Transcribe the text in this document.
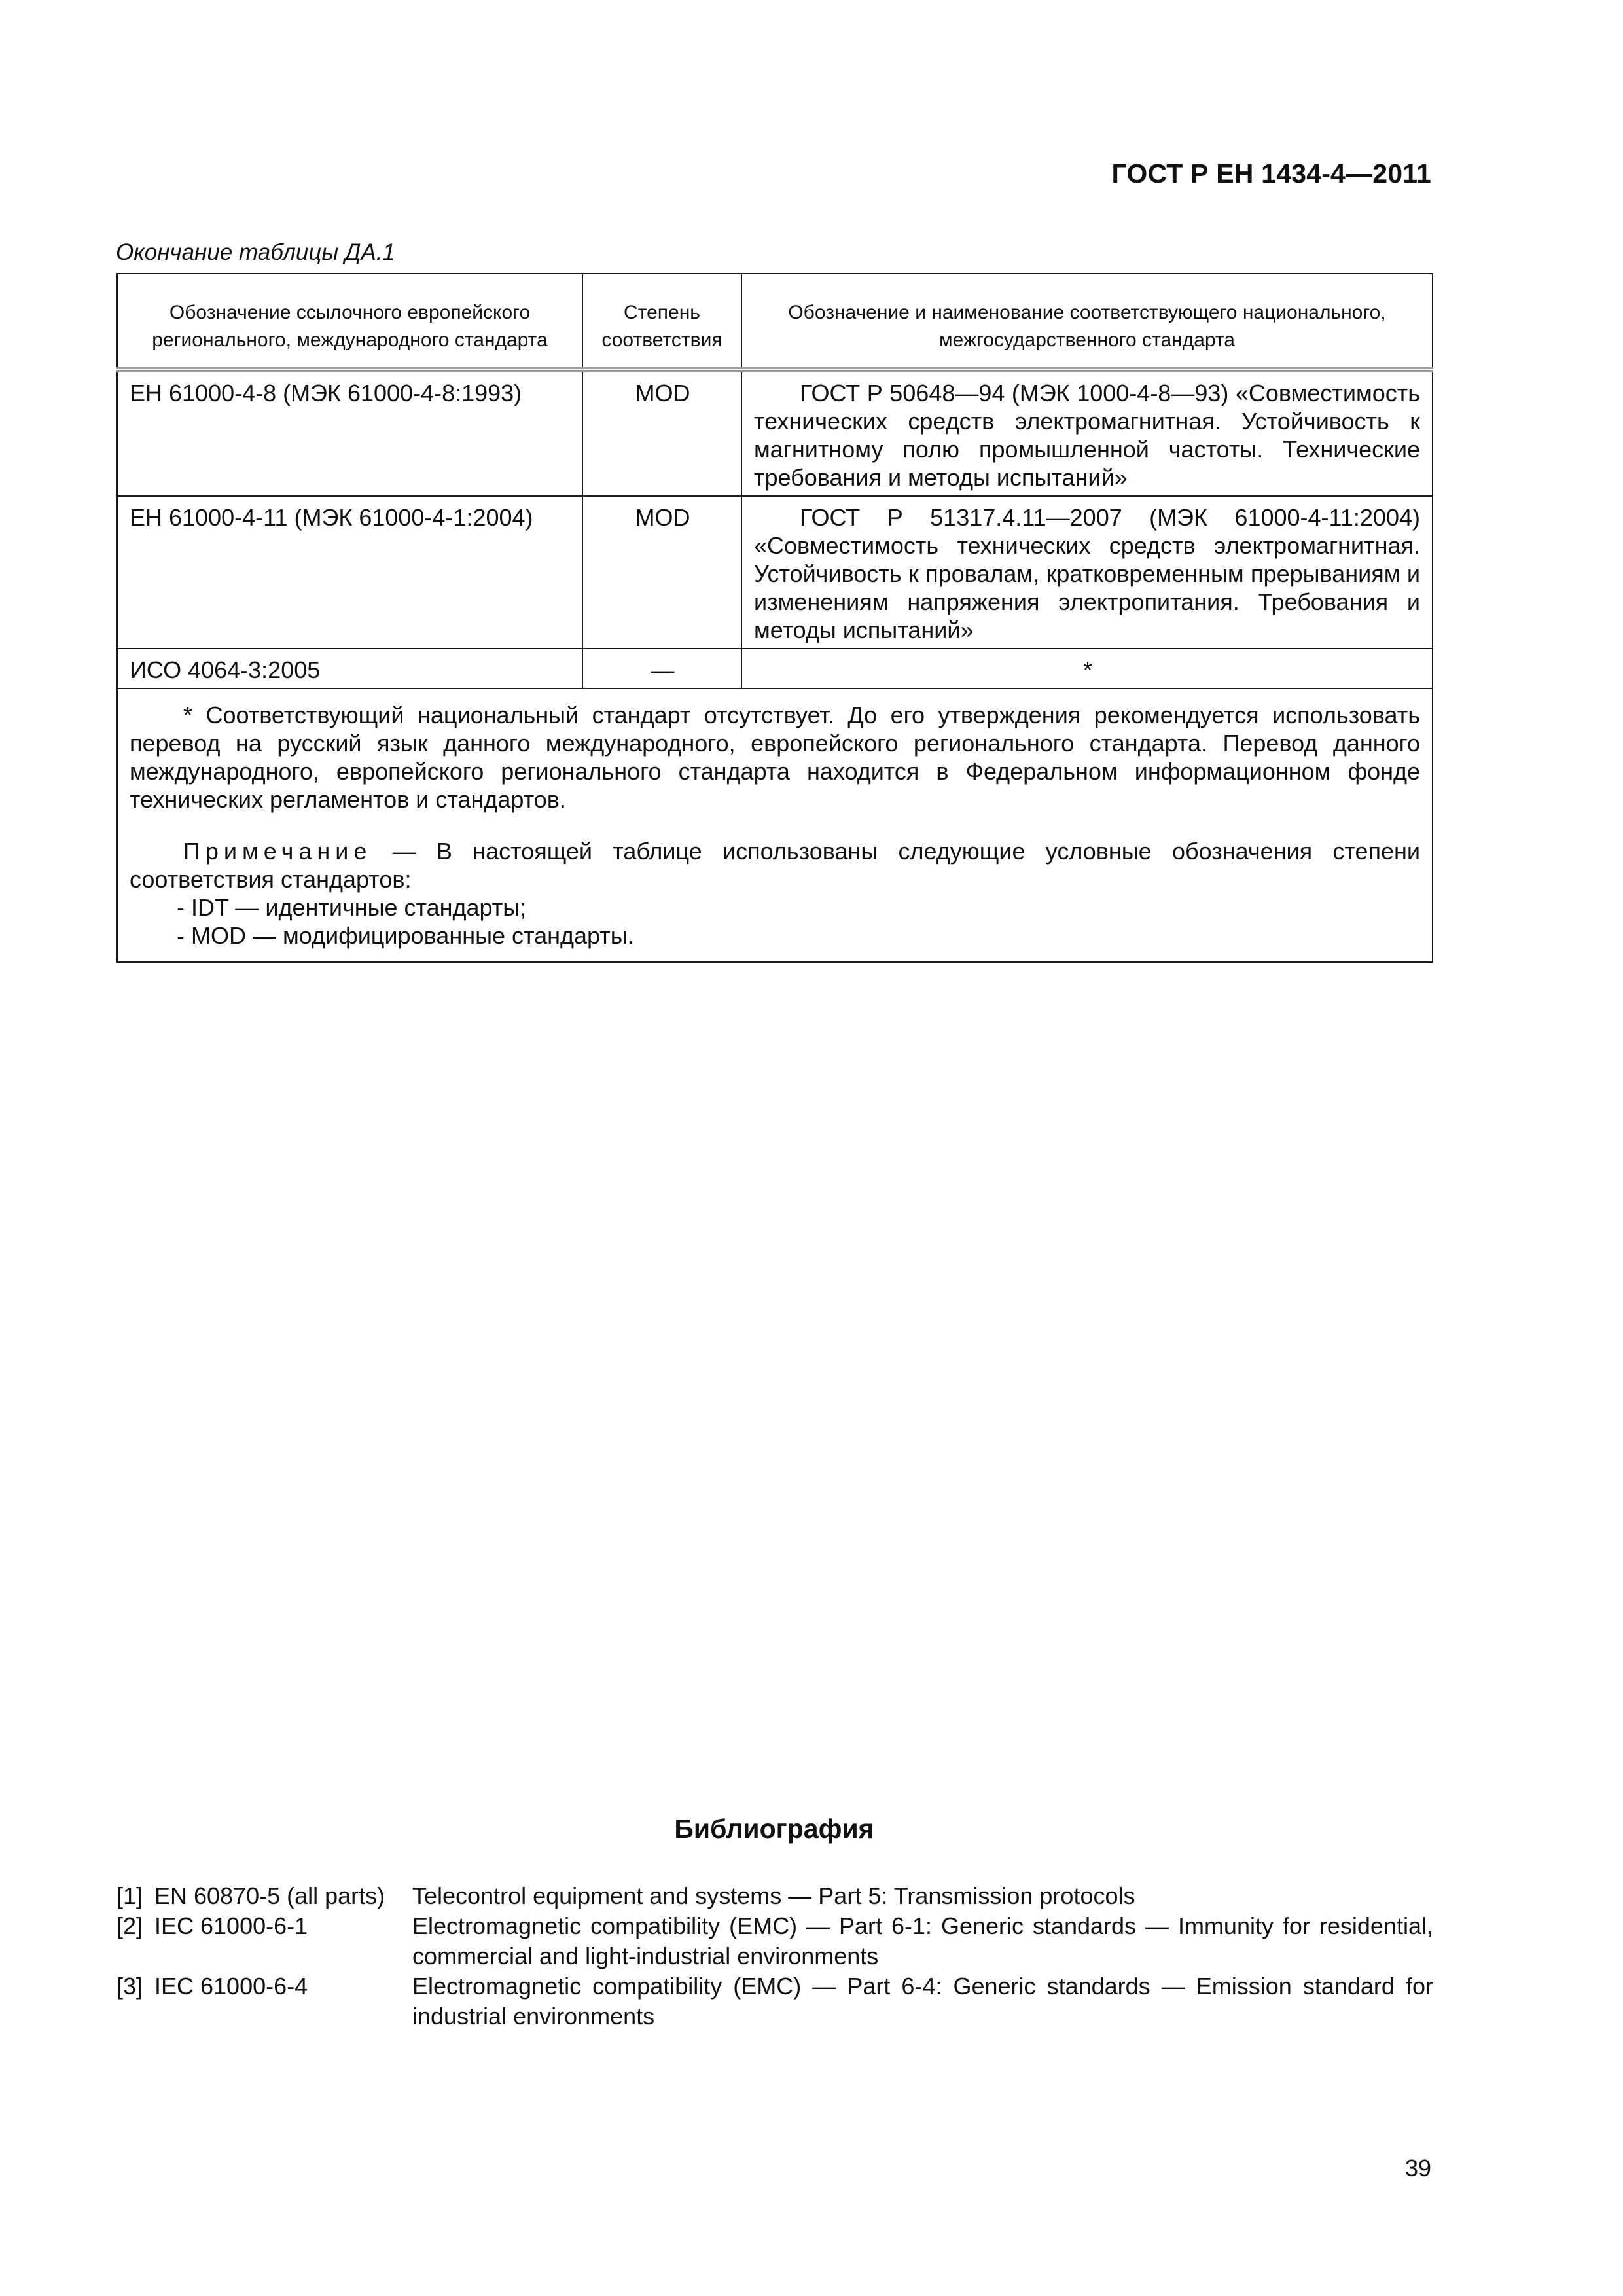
ГОСТ Р ЕН 1434-4—2011
Окончание таблицы ДА.1
Обозначение ссылочного европейского регионального, международного стандарта	Степень соответствия	Обозначение и наименование соответствующего национального, межгосударственного стандарта
ЕН 61000-4-8 (МЭК 61000-4-8:1993)	MOD	ГОСТ Р 50648—94 (МЭК 1000-4-8—93) «Совместимость технических средств электромагнитная. Устойчивость к магнитному полю промышленной частоты. Технические требования и методы испытаний»
ЕН 61000-4-11 (МЭК 61000-4-1:2004)	MOD	ГОСТ Р 51317.4.11—2007 (МЭК 61000-4-11:2004) «Совместимость технических средств электромагнитная. Устойчивость к провалам, кратковременным прерываниям и изменениям напряжения электропитания. Требования и методы испытаний»
ИСО 4064-3:2005	—	*

* Соответствующий национальный стандарт отсутствует. До его утверждения рекомендуется использовать перевод на русский язык данного международного, европейского регионального стандарта. Перевод данного международного, европейского регионального стандарта находится в Федеральном информационном фонде технических регламентов и стандартов.

Примечание — В настоящей таблице использованы следующие условные обозначения степени соответствия стандартов:

- IDT — идентичные стандарты;

- MOD — модифицированные стандарты.		

Библиография
[1]	EN 60870-5 (all parts)	Telecontrol equipment and systems — Part 5: Transmission protocols
[2]	IEC 61000-6-1	Electromagnetic compatibility (EMC) — Part 6-1: Generic standards — Immunity for residential, commercial and light-industrial environments
[3]	IEC 61000-6-4	Electromagnetic compatibility (EMC) — Part 6-4: Generic standards — Emission standard for industrial environments
39
